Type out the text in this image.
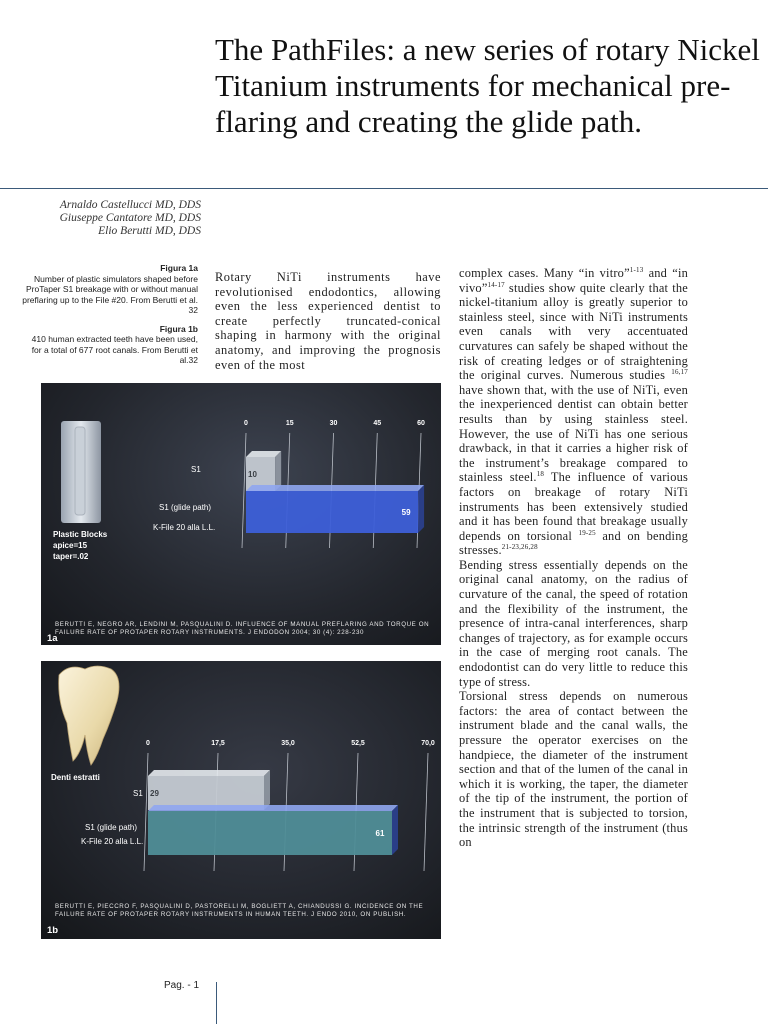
The PathFiles: a new series of rotary Nickel Titanium instruments for mechanical pre-flaring and creating the glide path.
Arnaldo Castellucci MD, DDS
Giuseppe Cantatore MD, DDS
Elio Berutti MD, DDS
Figura 1a
Number of plastic simulators shaped before ProTaper S1 breakage with or without manual preflaring up to the File #20. From Berutti et al. 32
Figura 1b
410 human extracted teeth have been used, for a total of 677 root canals. From Berutti et al.32
Rotary NiTi instruments have revolutionised endodontics, allowing even the less experienced dentist to create perfectly truncated-conical shaping in harmony with the original anatomy, and improving the prognosis even of the most

complex cases. Many “in vitro”$^{1-13}$ and “in vivo”$^{14-17}$ studies show quite clearly that the nickel-titanium alloy is greatly superior to stainless steel, since with NiTi instruments even canals with very accentuated curvatures can safely be shaped without the risk of creating ledges or of straightening the original curves. Numerous studies $^{16,17}$ have shown that, with the use of NiTi, even the inexperienced dentist can obtain better results than by using stainless steel. However, the use of NiTi has one serious drawback, in that it carries a higher risk of the instrument’s breakage compared to stainless steel.$^{18}$ The influence of various factors on breakage of rotary NiTi instruments has been extensively studied and it has been found that breakage usually depends on torsional $^{19-25}$ and on bending stresses.$^{21-23,26,28}$

Bending stress essentially depends on the original canal anatomy, on the radius of curvature of the canal, the speed of rotation and the flexibility of the instrument, the presence of intra-canal interferences, sharp changes of trajectory, as for example occurs in the case of merging root canals. The endodontist can do very little to reduce this type of stress.

Torsional stress depends on numerous factors: the area of contact between the instrument blade and the canal walls, the pressure the operator exercises on the handpiece, the diameter of the instrument section and that of the lumen of the canal in which it is working, the taper, the diameter of the tip of the instrument, the portion of the instrument that is subjected to torsion, the intrinsic strength of the instrument (thus on

0	15	30	45	60
10
59
Plastic Blocks
apice=15
taper=.02
S1
S1 (glide path)
K-File 20 alla L.L.
BERUTTI E, NEGRO AR, LENDINI M, PASQUALINI D. INFLUENCE OF MANUAL PREFLARING AND TORQUE ON FAILURE RATE OF PROTAPER ROTARY INSTRUMENTS. J ENDODON 2004; 30 (4): 228-230
1a
0	17,5	35,0	52,5	70,0
29
61
Denti estratti
S1
S1 (glide path)
K-File 20 alla L.L.
BERUTTI E, PIECCRO F, PASQUALINI D, PASTORELLI M, BOGLIETT A, CHIANDUSSI G. INCIDENCE ON THE FAILURE RATE OF PROTAPER ROTARY INSTRUMENTS IN HUMAN TEETH. J ENDO 2010, ON PUBLISH.
1b
Pag. - 1
